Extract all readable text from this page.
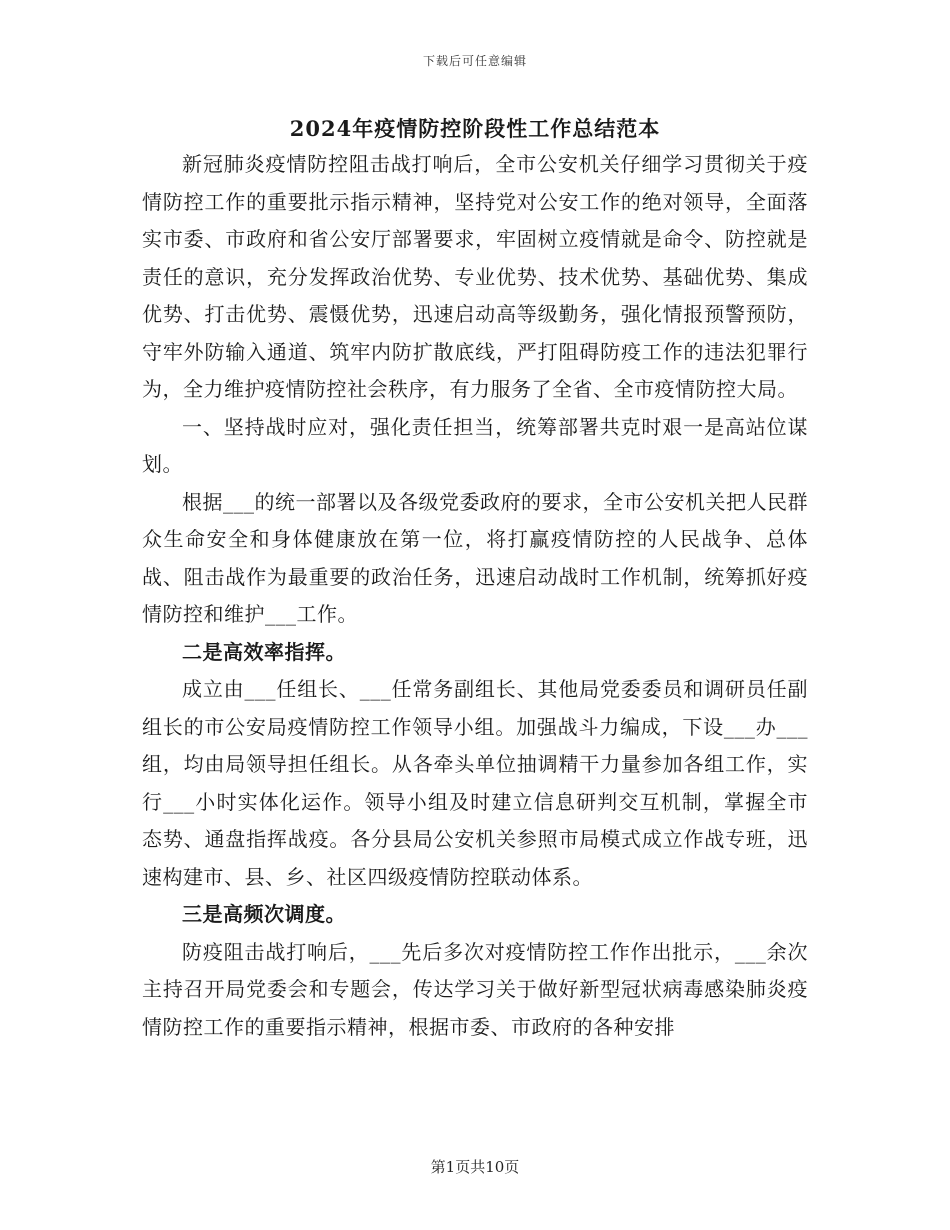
下载后可任意编辑
2024年疫情防控阶段性工作总结范本

新冠肺炎疫情防控阻击战打响后，全市公安机关仔细学习贯彻关于疫情防控工作的重要批示指示精神，坚持党对公安工作的绝对领导，全面落实市委、市政府和省公安厅部署要求，牢固树立疫情就是命令、防控就是责任的意识，充分发挥政治优势、专业优势、技术优势、基础优势、集成优势、打击优势、震慑优势，迅速启动高等级勤务，强化情报预警预防，守牢外防输入通道、筑牢内防扩散底线，严打阻碍防疫工作的违法犯罪行为，全力维护疫情防控社会秩序，有力服务了全省、全市疫情防控大局。

一、坚持战时应对，强化责任担当，统筹部署共克时艰一是高站位谋划。

根据___的统一部署以及各级党委政府的要求，全市公安机关把人民群众生命安全和身体健康放在第一位，将打赢疫情防控的人民战争、总体战、阻击战作为最重要的政治任务，迅速启动战时工作机制，统筹抓好疫情防控和维护___工作。

二是高效率指挥。

成立由___任组长、___任常务副组长、其他局党委委员和调研员任副组长的市公安局疫情防控工作领导小组。加强战斗力编成，下设___办___组，均由局领导担任组长。从各牵头单位抽调精干力量参加各组工作，实行___小时实体化运作。领导小组及时建立信息研判交互机制，掌握全市态势、通盘指挥战疫。各分县局公安机关参照市局模式成立作战专班，迅速构建市、县、乡、社区四级疫情防控联动体系。

三是高频次调度。

防疫阻击战打响后，___先后多次对疫情防控工作作出批示，___余次主持召开局党委会和专题会，传达学习关于做好新型冠状病毒感染肺炎疫情防控工作的重要指示精神，根据市委、市政府的各种安排

第1页共10页
